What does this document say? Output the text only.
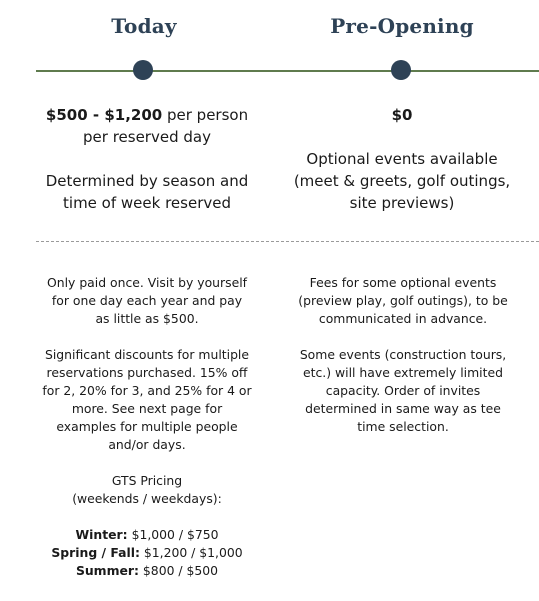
Today	Pre-Opening

$500 - $1,200 per person

per reserved day

Determined by season and

time of week reserved

$0

Optional events available

(meet & greets, golf outings,

site previews)

Only paid once. Visit by yourself

for one day each year and pay

as little as $500.

Significant discounts for multiple

reservations purchased. 15% off

for 2, 20% for 3, and 25% for 4 or

more. See next page for

examples for multiple people

and/or days.

GTS Pricing

(weekends / weekdays):

Winter: $1,000 / $750

Spring / Fall: $1,200 / $1,000

Summer: $800 / $500

Fees for some optional events

(preview play, golf outings), to be

communicated in advance.

Some events (construction tours,

etc.) will have extremely limited

capacity. Order of invites

determined in same way as tee

time selection.
